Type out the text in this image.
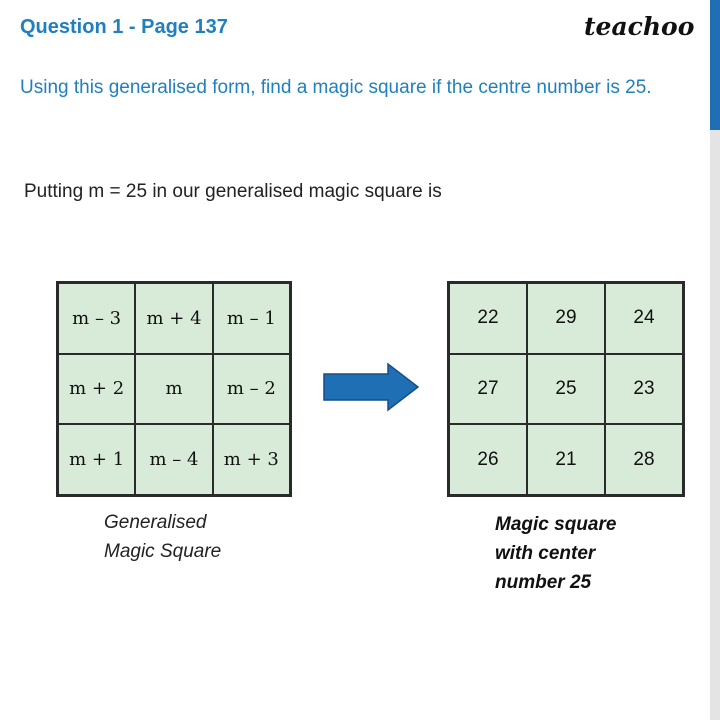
Question 1 - Page 137	teachoo
Using this generalised form, find a magic square if the centre number is 25.
Putting m = 25 in our generalised magic square is
m – 3	m + 4	m – 1
m + 2	m	m – 2
m + 1	m – 4	m + 3
22	29	24
27	25	23
26	21	28
Generalised
Magic Square
Magic square
with center
number 25
